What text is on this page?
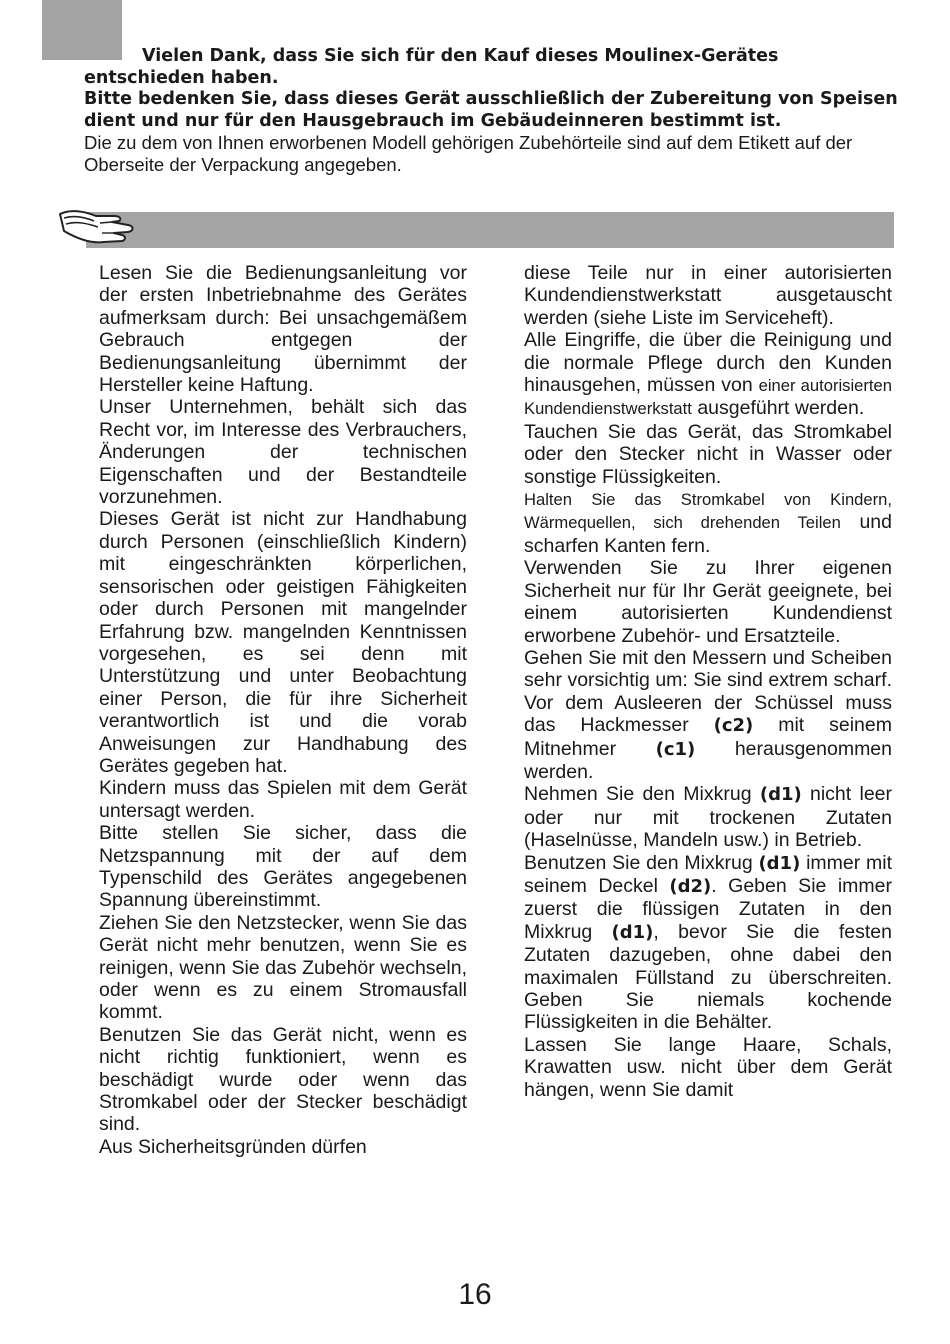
Vielen Dank, dass Sie sich für den Kauf dieses Moulinex-Gerätes entschieden haben.

Bitte bedenken Sie, dass dieses Gerät ausschließlich der Zubereitung von Speisen dient und nur für den Hausgebrauch im Gebäudeinneren bestimmt ist.

Die zu dem von Ihnen erworbenen Modell gehörigen Zubehörteile sind auf dem Etikett auf der Oberseite der Verpackung angegeben.

Lesen Sie die Bedienungsanleitung vor der ersten Inbetriebnahme des Gerätes aufmerksam durch: Bei unsachgemäßem Gebrauch entgegen der Bedienungsanleitung übernimmt der Hersteller keine Haftung.

Unser Unternehmen, behält sich das Recht vor, im Interesse des Verbrauchers, Änderungen der technischen Eigenschaften und der Bestandteile vorzunehmen.

Dieses Gerät ist nicht zur Handhabung durch Personen (einschließlich Kindern) mit eingeschränkten körperlichen, sensorischen oder geistigen Fähigkeiten oder durch Personen mit mangelnder Erfahrung bzw. mangelnden Kenntnissen vorgesehen, es sei denn mit Unterstützung und unter Beobachtung einer Person, die für ihre Sicherheit verantwortlich ist und die vorab Anweisungen zur Handhabung des Gerätes gegeben hat.

Kindern muss das Spielen mit dem Gerät untersagt werden.

Bitte stellen Sie sicher, dass die Netzspannung mit der auf dem Typenschild des Gerätes angegebenen Spannung übereinstimmt.

Ziehen Sie den Netzstecker, wenn Sie das Gerät nicht mehr benutzen, wenn Sie es reinigen, wenn Sie das Zubehör wechseln, oder wenn es zu einem Stromausfall kommt.

Benutzen Sie das Gerät nicht, wenn es nicht richtig funktioniert, wenn es beschädigt wurde oder wenn das Stromkabel oder der Stecker beschädigt sind.

Aus Sicherheitsgründen dürfen

diese Teile nur in einer autorisierten Kundendienstwerkstatt ausgetauscht werden (siehe Liste im Serviceheft).

Alle Eingriffe, die über die Reinigung und die normale Pflege durch den Kunden hinausgehen, müssen von einer autorisierten Kundendienstwerkstatt ausgeführt werden.

Tauchen Sie das Gerät, das Stromkabel oder den Stecker nicht in Wasser oder sonstige Flüssigkeiten.

Halten Sie das Stromkabel von Kindern, Wärmequellen, sich drehenden Teilen und scharfen Kanten fern.

Verwenden Sie zu Ihrer eigenen Sicherheit nur für Ihr Gerät geeignete, bei einem autorisierten Kundendienst erworbene Zubehör- und Ersatzteile.

Gehen Sie mit den Messern und Scheiben sehr vorsichtig um: Sie sind extrem scharf. Vor dem Ausleeren der Schüssel muss das Hackmesser (c2) mit seinem Mitnehmer (c1) herausgenommen werden.

Nehmen Sie den Mixkrug (d1) nicht leer oder nur mit trockenen Zutaten (Haselnüsse, Mandeln usw.) in Betrieb.

Benutzen Sie den Mixkrug (d1) immer mit seinem Deckel (d2). Geben Sie immer zuerst die flüssigen Zutaten in den Mixkrug (d1), bevor Sie die festen Zutaten dazugeben, ohne dabei den maximalen Füllstand zu überschreiten. Geben Sie niemals kochende Flüssigkeiten in die Behälter.

Lassen Sie lange Haare, Schals, Krawatten usw. nicht über dem Gerät hängen, wenn Sie damit

16
